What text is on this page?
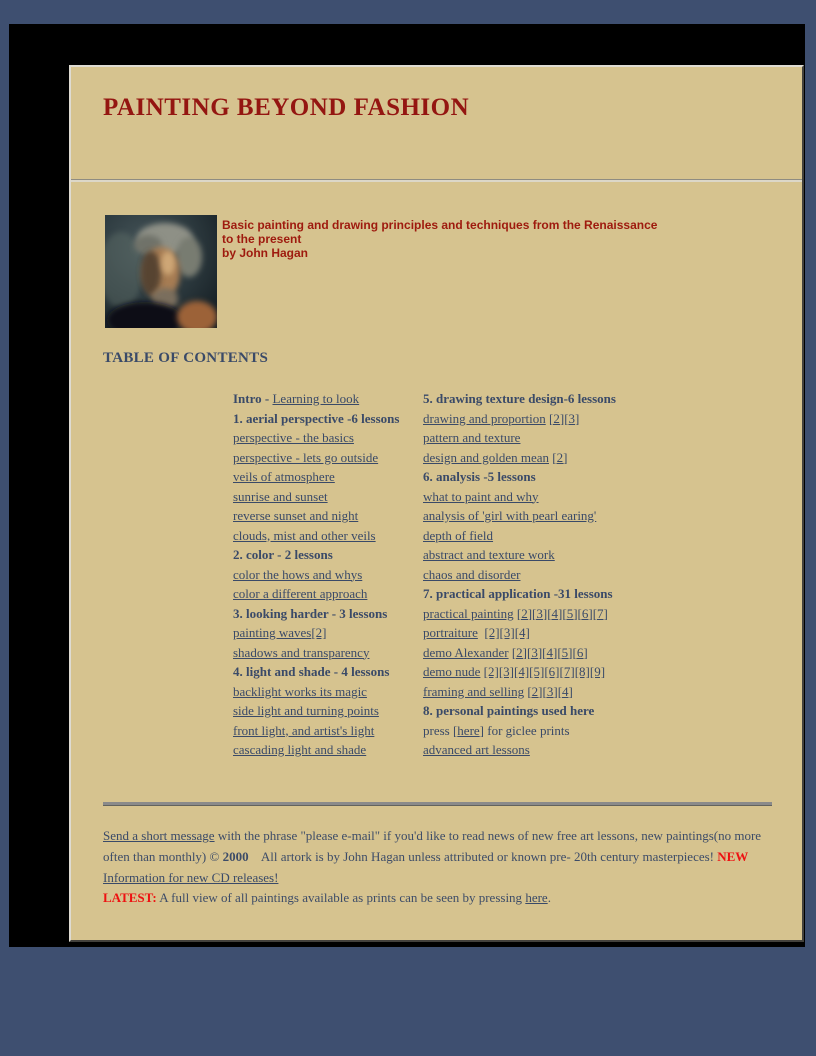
PAINTING BEYOND FASHION
Basic painting and drawing principles and techniques from the Renaissance
to the present
by John Hagan
TABLE OF CONTENTS
Intro - Learning to look
1. aerial perspective -6 lessons
perspective - the basics
perspective - lets go outside
veils of atmosphere
sunrise and sunset
reverse sunset and night
clouds, mist and other veils
2. color - 2 lessons
color the hows and whys
color a different approach
3. looking harder - 3 lessons
painting waves[2]
shadows and transparency
4. light and shade - 4 lessons
backlight works its magic
side light and turning points
front light, and artist's light
cascading light and shade
5. drawing texture design-6 lessons
drawing and proportion [2][3]
pattern and texture
design and golden mean [2]
6. analysis -5 lessons
what to paint and why
analysis of 'girl with pearl earing'
depth of field
abstract and texture work
chaos and disorder
7. practical application -31 lessons
practical painting [2][3][4][5][6][7]
portraiture [2][3][4]
demo Alexander [2][3][4][5][6]
demo nude [2][3][4][5][6][7][8][9]
framing and selling [2][3][4]
8. personal paintings used here
press [here] for giclee prints
advanced art lessons
Send a short message with the phrase "please e-mail" if you'd like to read news of new free art lessons, new paintings(no more often than monthly) © 2000    All artork is by John Hagan unless attributed or known pre- 20th century masterpieces! NEW Information for new CD releases!
LATEST: A full view of all paintings available as prints can be seen by pressing here.
